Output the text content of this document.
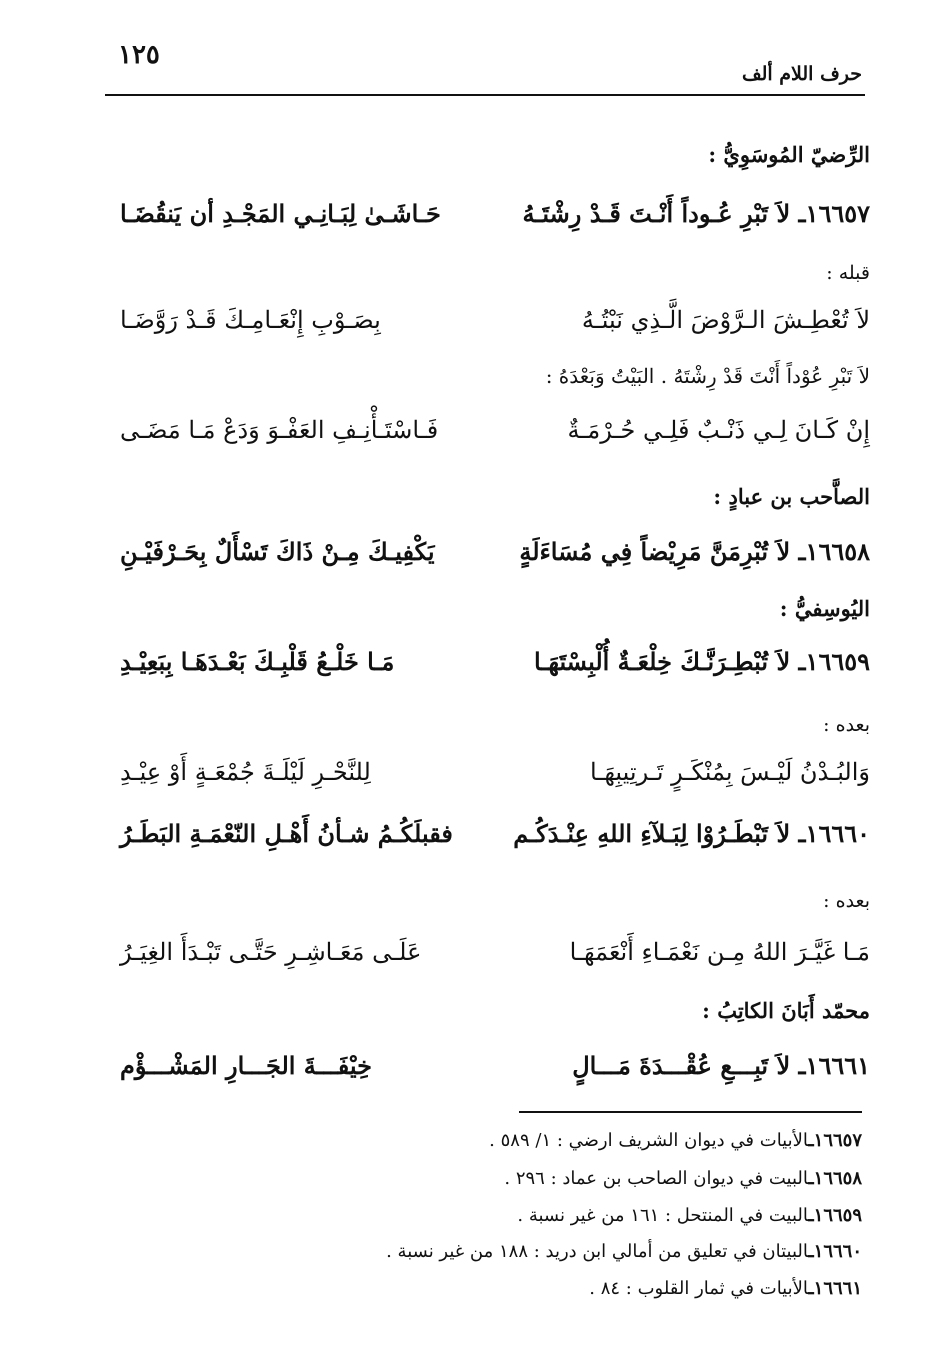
١٢٥
حرف اللام ألف
الرِّضيّ المُوسَوِيُّ :
١٦٦٥٧ـ لاَ تَبْرِ عُـوداً أَنْـتَ قَـدْ رِشْتَـهُ
حَـاشَـىٰ لِبَـانِـي المَجْـدِ أن يَنقُضَـا
قبله :
لاَ تُعْطِـشَ الـرَّوْضَ الَّـذِي نَبْتُـهُ
بِصَـوْبِ إِنْعَـامِـكَ قَـدْ رَوَّضَـا
لاَ تَبْرِ عُوْداً أَنْتَ قَدْ رِشْتَهُ . البَيْتُ وَبَعْدَهُ :
إِنْ كَـانَ لِـي ذَنْـبٌ فَلِـي حُـرْمَـةٌ
فَـاسْتَـأْنِـفِ العَفْـوَ وَدَعْ مَـا مَضَـى
الصاَّحب بن عبادٍ :
١٦٦٥٨ـ لاَ تُبْرِمَنَّ مَرِيْضاً فِي مُسَاءَلَةٍ
يَكْفِيـكَ مِـنْ ذَاكَ تَسْأَلٌ بِحَـرْفَيْـنِ
اليُوسِفيُّ :
١٦٦٥٩ـ لاَ تُبْطِـرَنَّـكَ خِلْعَـةٌ أُلْبِسْتَهَـا
مَـا خَلْـعُ قَلْبِـكَ بَعْـدَهَـا بِبَعِيْـدِ
بعده :
وَالبُـدْنُ لَيْـسَ بِمُنْكَـرٍ تَـرتِيبِهَـا
لِلنَّحْـرِ لَيْلَـةَ جُمْعَـةٍ أَوْ عِيْـدِ
١٦٦٦٠ـ لاَ تَبْطَـرُوْا لِبَـلآءِ اللهِ عِنْـدَكُـم
فقبلَكُـمُ شـأنُ أَهْـلِ النّعْمَـةِ البَطَـرُ
بعده :
مَـا غَيَّـرَ اللهُ مِـن نَعْمَـاءِ أَنْعَمَهَـا
عَلَـى مَعَـاشِـرِ حَتَّـى تَبْـدَأَ الغِيَـرُ
محمّد أَبَانَ الكاتِبُ :
١٦٦٦١ـ لاَ تَبِـــعِ عُقْـــدَةَ مَـــالٍ
خِيْفَـــةَ الجَـــارِ المَشْـــؤْم
١٦٦٥٧ـالأبيات في ديوان الشريف ارضي : ١/ ٥٨٩ .
١٦٦٥٨ـالبيت في ديوان الصاحب بن عماد : ٢٩٦ .
١٦٦٥٩ـالبيت في المنتحل : ١٦١ من غير نسبة .
١٦٦٦٠ـالبيتان في تعليق من أمالي ابن دريد : ١٨٨ من غير نسبة .
١٦٦٦١ـالأبيات في ثمار القلوب : ٨٤ .
